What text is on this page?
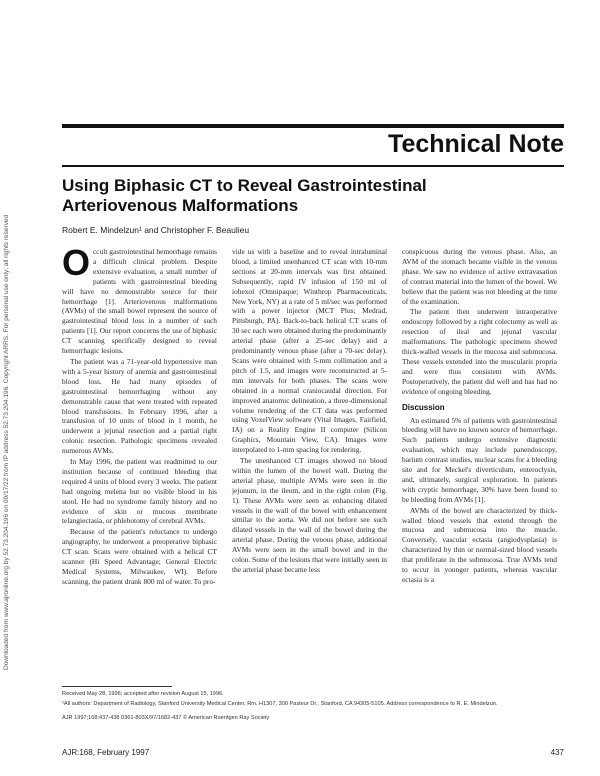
Downloaded from www.ajronline.org by 52.73.204.196 on 09/17/22 from IP address 52.73.204.196. Copyright ARRS. For personal use only; all rights reserved
Technical Note
Using Biphasic CT to Reveal Gastrointestinal Arteriovenous Malformations
Robert E. Mindelzun¹ and Christopher F. Beaulieu

Occult gastrointestinal hemorrhage remains a difficult clinical problem. Despite extensive evaluation, a small number of patients with gastrointestinal bleeding will have no demonstrable source for their hemorrhage [1]. Arteriovenous malformations (AVMs) of the small bowel represent the source of gastrointestinal blood loss in a number of such patients [1]. Our report concerns the use of biphasic CT scanning specifically designed to reveal hemorrhagic lesions.

The patient was a 71-year-old hypertensive man with a 5-year history of anemia and gastrointestinal blood loss. He had many episodes of gastrointestinal hemorrhaging without any demonstrable cause that were treated with repeated blood transfusions. In February 1996, after a transfusion of 10 units of blood in 1 month, he underwent a jejunal resection and a partial right colonic resection. Pathologic specimens revealed numerous AVMs.

In May 1996, the patient was readmitted to our institution because of continued bleeding that required 4 units of blood every 3 weeks. The patient had ongoing melena but no visible blood in his stool. He had no syndrome family history and no evidence of skin or mucous membrane telangiectasia, or phlebotomy of cerebral AVMs.

Because of the patient's reluctance to undergo angiography, he underwent a preoperative biphasic CT scan. Scans were obtained with a helical CT scanner (Hi Speed Advantage; General Electric Medical Systems, Milwaukee, WI). Before scanning, the patient drank 800 ml of water. To pro-

vide us with a baseline and to reveal intraluminal blood, a limited unenhanced CT scan with 10-mm sections at 20-mm intervals was first obtained. Subsequently, rapid IV infusion of 150 ml of iohexol (Omnipaque; Winthrop Pharmaceuticals, New York, NY) at a rate of 5 ml/sec was performed with a power injector (MCT Plus; Medrad, Pittsburgh, PA). Back-to-back helical CT scans of 30 sec each were obtained during the predominantly arterial phase (after a 25-sec delay) and a predominantly venous phase (after a 70-sec delay). Scans were obtained with 5-mm collimation and a pitch of 1.5, and images were reconstructed at 5-mm intervals for both phases. The scans were obtained in a normal craniocaudal direction. For improved anatomic delineation, a three-dimensional volume rendering of the CT data was performed using VoxelView software (Vital Images, Fairfield, IA) on a Reality Engine II computer (Silicon Graphics, Mountain View, CA). Images were interpolated to 1-mm spacing for rendering.

The unenhanced CT images showed no blood within the lumen of the bowel wall. During the arterial phase, multiple AVMs were seen in the jejunum, in the ileum, and in the right colon (Fig. 1). These AVMs were seen as enhancing dilated vessels in the wall of the bowel with enhancement similar to the aorta. We did not before see such dilated vessels in the wall of the bowel during the arterial phase. During the venous phase, additional AVMs were seen in the small bowel and in the colon. Some of the lesions that were initially seen in the arterial phase became less

conspicuous during the venous phase. Also, an AVM of the stomach became visible in the venous phase. We saw no evidence of active extravasation of contrast material into the lumen of the bowel. We believe that the patient was not bleeding at the time of the examination.

The patient then underwent intraoperative endoscopy followed by a right colectomy as well as resection of ileal and jejunal vascular malformations. The pathologic specimens showed thick-walled vessels in the mucosa and submucosa. These vessels extended into the muscularis propria and were thus consistent with AVMs. Postoperatively, the patient did well and has had no evidence of ongoing bleeding.

Discussion

An estimated 5% of patients with gastrointestinal bleeding will have no known source of hemorrhage. Such patients undergo extensive diagnostic evaluation, which may include panendoscopy, barium contrast studies, nuclear scans for a bleeding site and for Meckel's diverticulum, enteroclysis, and, ultimately, surgical exploration. In patients with cryptic hemorrhage, 30% have been found to be bleeding from AVMs [1].

AVMs of the bowel are characterized by thick-walled blood vessels that extend through the mucosa and submucosa into the muscle. Conversely, vascular ectasia (angiodysplasia) is characterized by thin or normal-sized blood vessels that proliferate in the submucosa. True AVMs tend to occur in younger patients, whereas vascular ectasia is a

Received May 28, 1996; accepted after revision August 15, 1996.
¹All authors: Department of Radiology, Stanford University Medical Center, Rm. H1307, 300 Pasteur Dr., Stanford, CA 94305-5105. Address correspondence to R. E. Mindelzun.
AJR 1997;168:437-438 0361-803X/97/1682-437 © American Roentgen Ray Society
AJR:168, February 1997	437
